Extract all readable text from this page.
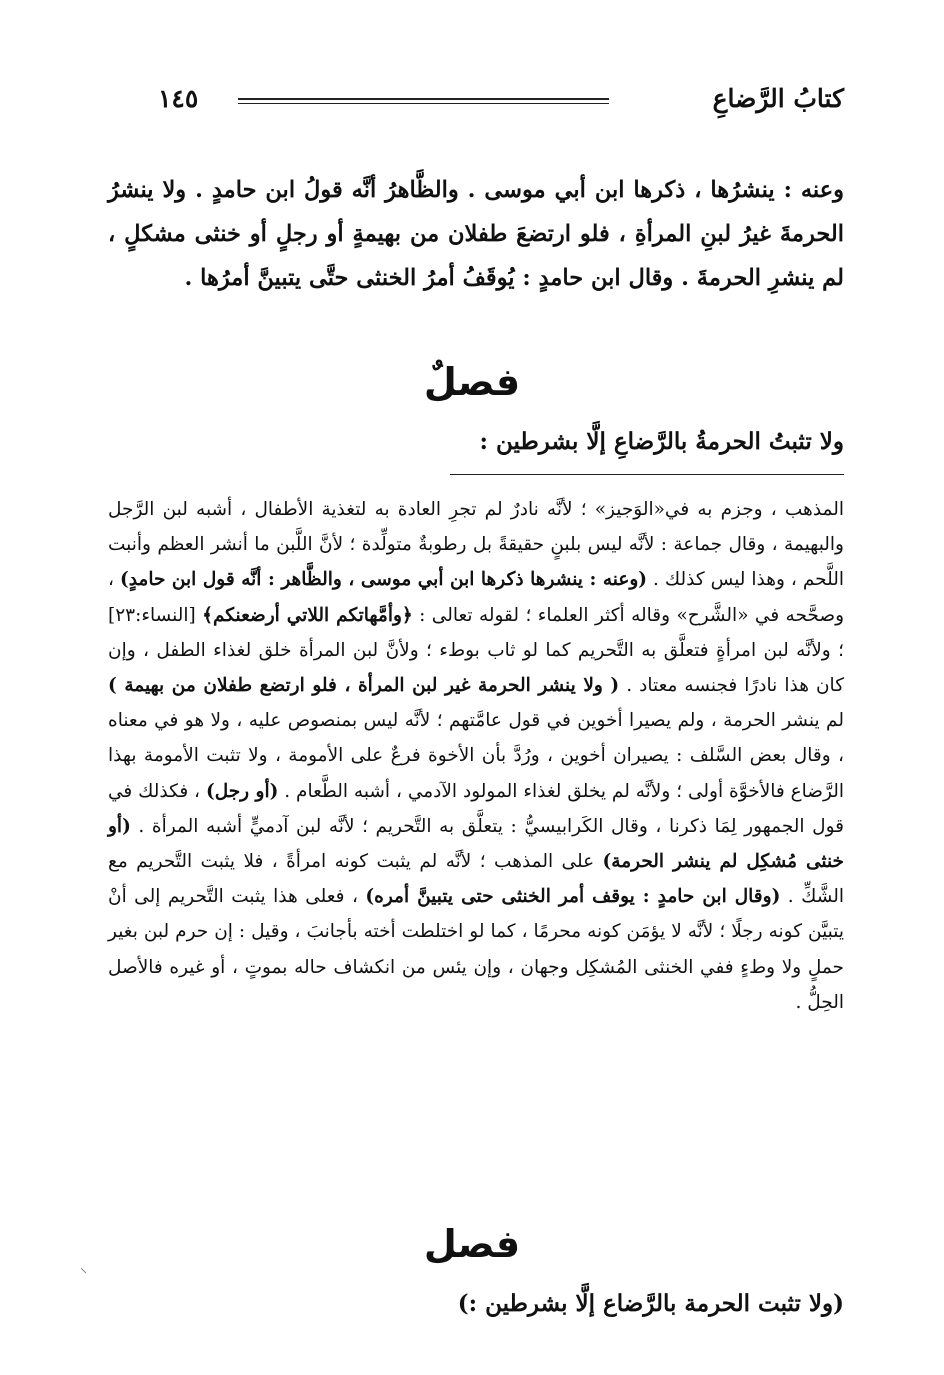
كتابُ الرَّضاعِ
١٤٥

وعنه : ينشرُها ، ذكرها ابن أبي موسى . والظَّاهرُ أنَّه قولُ ابن حامدٍ . ولا ينشرُ الحرمةَ غيرُ لبنِ المرأةِ ، فلو ارتضعَ طفلان من بهيمةٍ أو رجلٍ أو خنثى مشكلٍ ، لم ينشرِ الحرمةَ . وقال ابن حامدٍ : يُوقَفُ أمرُ الخنثى حتَّى يتبينَّ أمرُها .

فصلٌ
ولا تثبتُ الحرمةُ بالرَّضاعِ إلَّا بشرطين :

المذهب ، وجزم به في«الوَجيز» ؛ لأنَّه نادرٌ لم تجرِ العادة به لتغذية الأطفال ، أشبه لبن الرَّجل والبهيمة ، وقال جماعة : لأنَّه ليس بلبنٍ حقيقةً بل رطوبةٌ متولِّدة ؛ لأنَّ اللَّبن ما أنشر العظم وأنبت اللَّحم ، وهذا ليس كذلك . (وعنه : ينشرها ذكرها ابن أبي موسى ، والظَّاهر : أنَّه قول ابن حامدٍ) ، وصحَّحه في «الشَّرح» وقاله أكثر العلماء ؛ لقوله تعالى : ﴿وأمَّهاتكم اللاتي أرضعنكم﴾ [النساء:٢٣] ؛ ولأنَّه لبن امرأةٍ فتعلَّق به التَّحريم كما لو ثاب بوطء ؛ ولأنَّ لبن المرأة خلق لغذاء الطفل ، وإن كان هذا نادرًا فجنسه معتاد . ( ولا ينشر الحرمة غير لبن المرأة ، فلو ارتضع طفلان من بهيمة ) لم ينشر الحرمة ، ولم يصيرا أخوين في قول عامَّتهم ؛ لأنَّه ليس بمنصوص عليه ، ولا هو في معناه ، وقال بعض السَّلف : يصيران أخوين ، ورُدَّ بأن الأخوة فرعٌ على الأمومة ، ولا تثبت الأمومة بهذا الرَّضاع فالأخوَّة أولى ؛ ولأنَّه لم يخلق لغذاء المولود الآدمي ، أشبه الطَّعام . (أو رجل) ، فكذلك في قول الجمهور لِمَا ذكرنا ، وقال الكَرابيسيُّ : يتعلَّق به التَّحريم ؛ لأنَّه لبن آدميٍّ أشبه المرأة . (أو خنثى مُشكِل لم ينشر الحرمة) على المذهب ؛ لأنَّه لم يثبت كونه امرأةً ، فلا يثبت التَّحريم مع الشَّكِّ . (وقال ابن حامدٍ : يوقف أمر الخنثى حتى يتبينَّ أمره) ، فعلى هذا يثبت التَّحريم إلى أنْ يتبيَّن كونه رجلًا ؛ لأنَّه لا يؤمَن كونه محرمًا ، كما لو اختلطت أخته بأجانبَ ، وقيل : إن حرم لبن بغير حملٍ ولا وطءٍ ففي الخنثى المُشكِل وجهان ، وإن يئس من انكشاف حاله بموتٍ ، أو غيره فالأصل الحِلُّ .

فصل
(ولا تثبت الحرمة بالرَّضاع إلَّا بشرطين :)
⸌
